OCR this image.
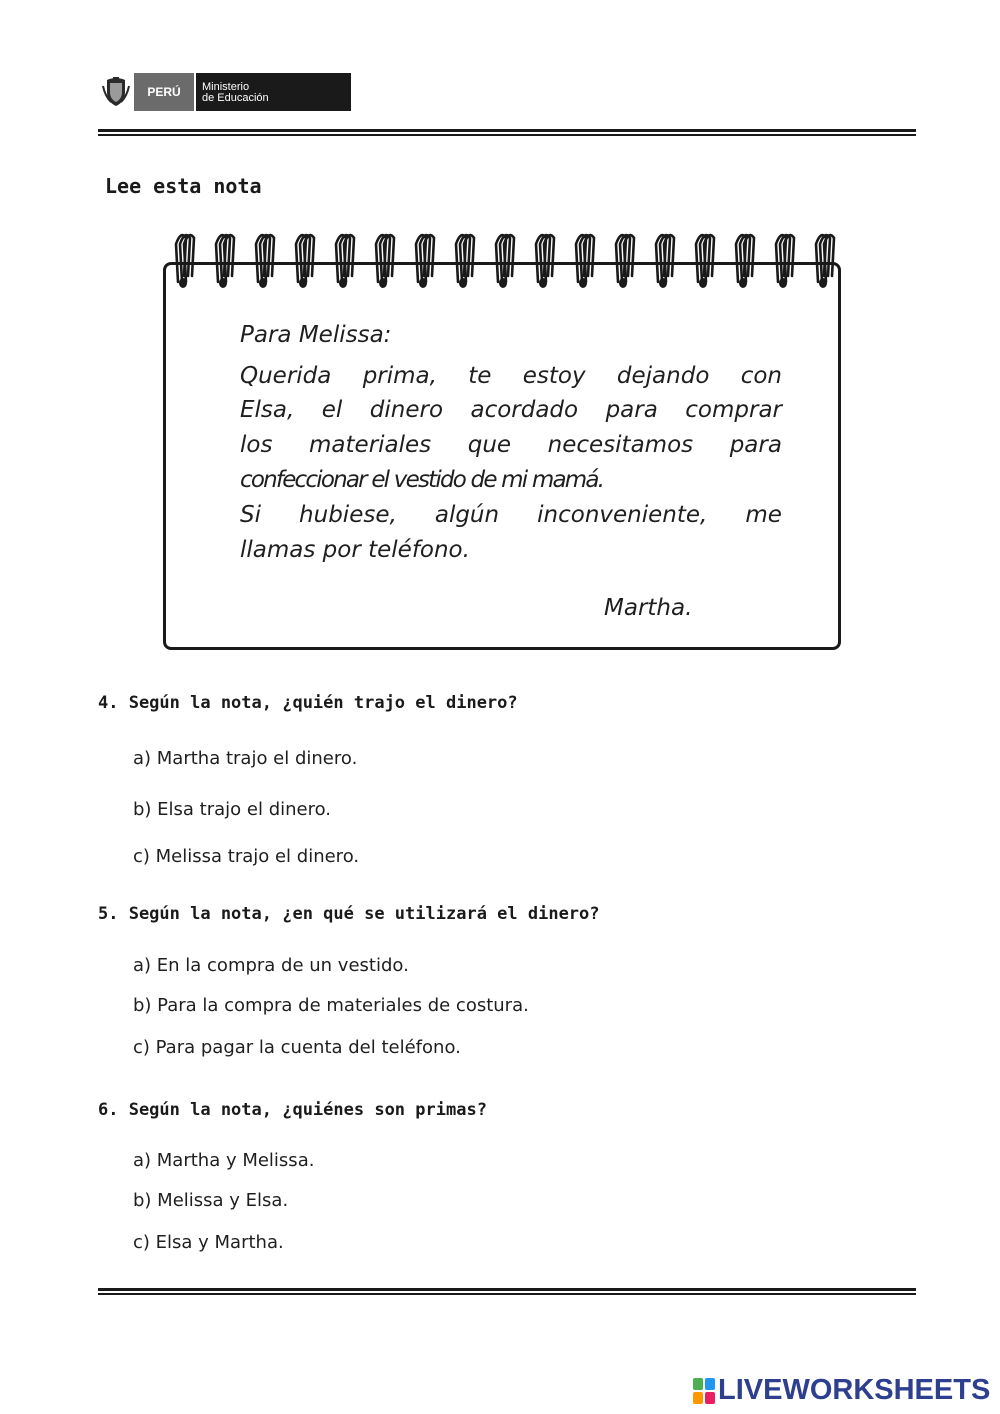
PERÚ	Ministerio
de Educación
Lee esta nota
Para Melissa:
Querida prima, te estoy dejando con
Elsa, el dinero acordado para comprar
los materiales que necesitamos para
confeccionar el vestido de mi mamá.
Si hubiese, algún inconveniente, me
llamas por teléfono.
Martha.
4. Según la nota, ¿quién trajo el dinero?
a) Martha trajo el dinero.
b) Elsa trajo el dinero.
c) Melissa trajo el dinero.
5. Según la nota, ¿en qué se utilizará el dinero?
a) En la compra de un vestido.
b) Para la compra de materiales de costura.
c) Para pagar la cuenta del teléfono.
6. Según la nota, ¿quiénes son primas?
a) Martha y Melissa.
b) Melissa y Elsa.
c) Elsa y Martha.
LIVEWORKSHEETS
